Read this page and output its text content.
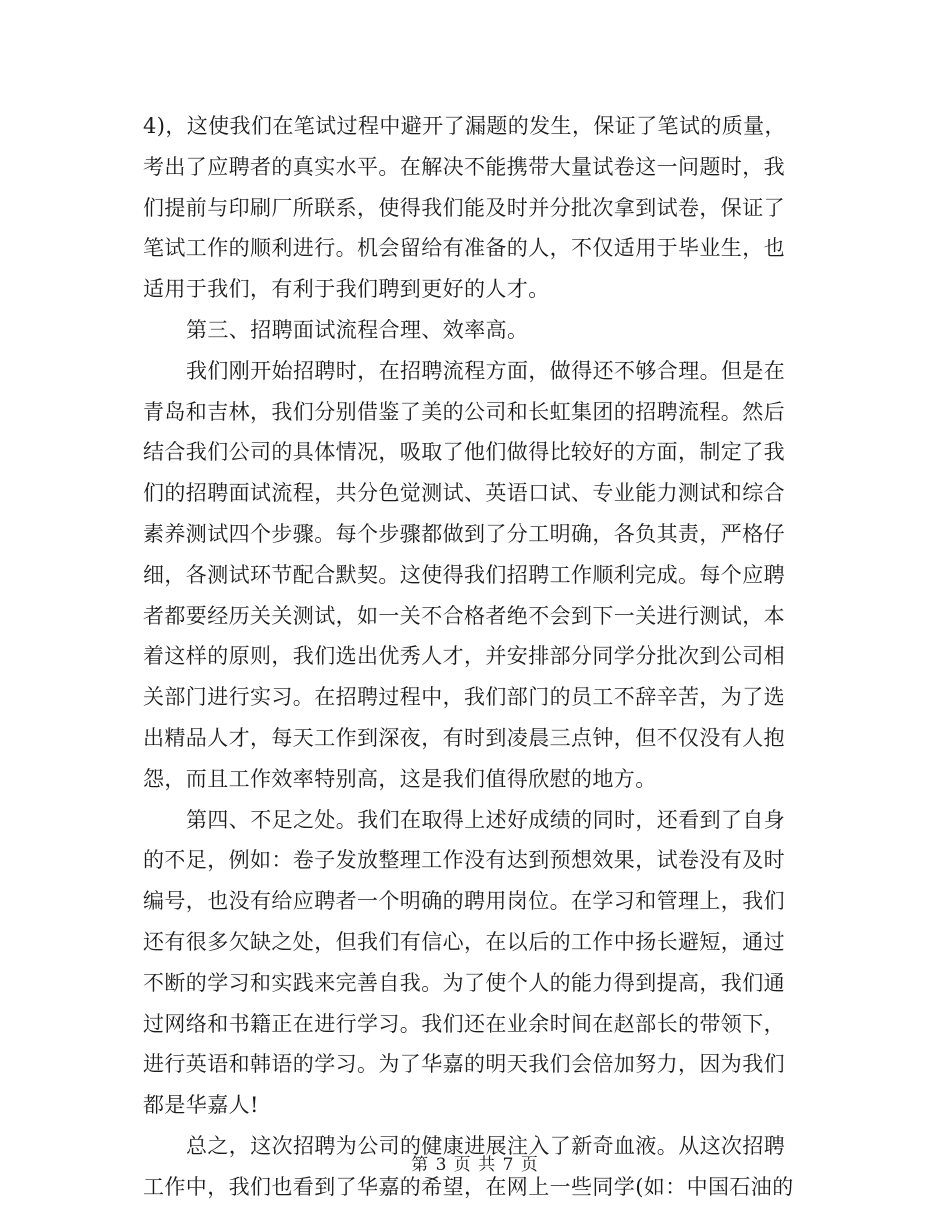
4)，这使我们在笔试过程中避开了漏题的发生，保证了笔试的质量，
考出了应聘者的真实水平。在解决不能携带大量试卷这一问题时，我
们提前与印刷厂所联系，使得我们能及时并分批次拿到试卷，保证了
笔试工作的顺利进行。机会留给有准备的人，不仅适用于毕业生，也
适用于我们，有利于我们聘到更好的人才。
第三、招聘面试流程合理、效率高。
我们刚开始招聘时，在招聘流程方面，做得还不够合理。但是在
青岛和吉林，我们分别借鉴了美的公司和长虹集团的招聘流程。然后
结合我们公司的具体情况，吸取了他们做得比较好的方面，制定了我
们的招聘面试流程，共分色觉测试、英语口试、专业能力测试和综合
素养测试四个步骤。每个步骤都做到了分工明确，各负其责，严格仔
细，各测试环节配合默契。这使得我们招聘工作顺利完成。每个应聘
者都要经历关关测试，如一关不合格者绝不会到下一关进行测试，本
着这样的原则，我们选出优秀人才，并安排部分同学分批次到公司相
关部门进行实习。在招聘过程中，我们部门的员工不辞辛苦，为了选
出精品人才，每天工作到深夜，有时到凌晨三点钟，但不仅没有人抱
怨，而且工作效率特别高，这是我们值得欣慰的地方。
第四、不足之处。我们在取得上述好成绩的同时，还看到了自身
的不足，例如：卷子发放整理工作没有达到预想效果，试卷没有及时
编号，也没有给应聘者一个明确的聘用岗位。在学习和管理上，我们
还有很多欠缺之处，但我们有信心，在以后的工作中扬长避短，通过
不断的学习和实践来完善自我。为了使个人的能力得到提高，我们通
过网络和书籍正在进行学习。我们还在业余时间在赵部长的带领下，
进行英语和韩语的学习。为了华嘉的明天我们会倍加努力，因为我们
都是华嘉人!
总之，这次招聘为公司的健康进展注入了新奇血液。从这次招聘
工作中，我们也看到了华嘉的希望，在网上一些同学(如：中国石油的
第 3 页 共 7 页
